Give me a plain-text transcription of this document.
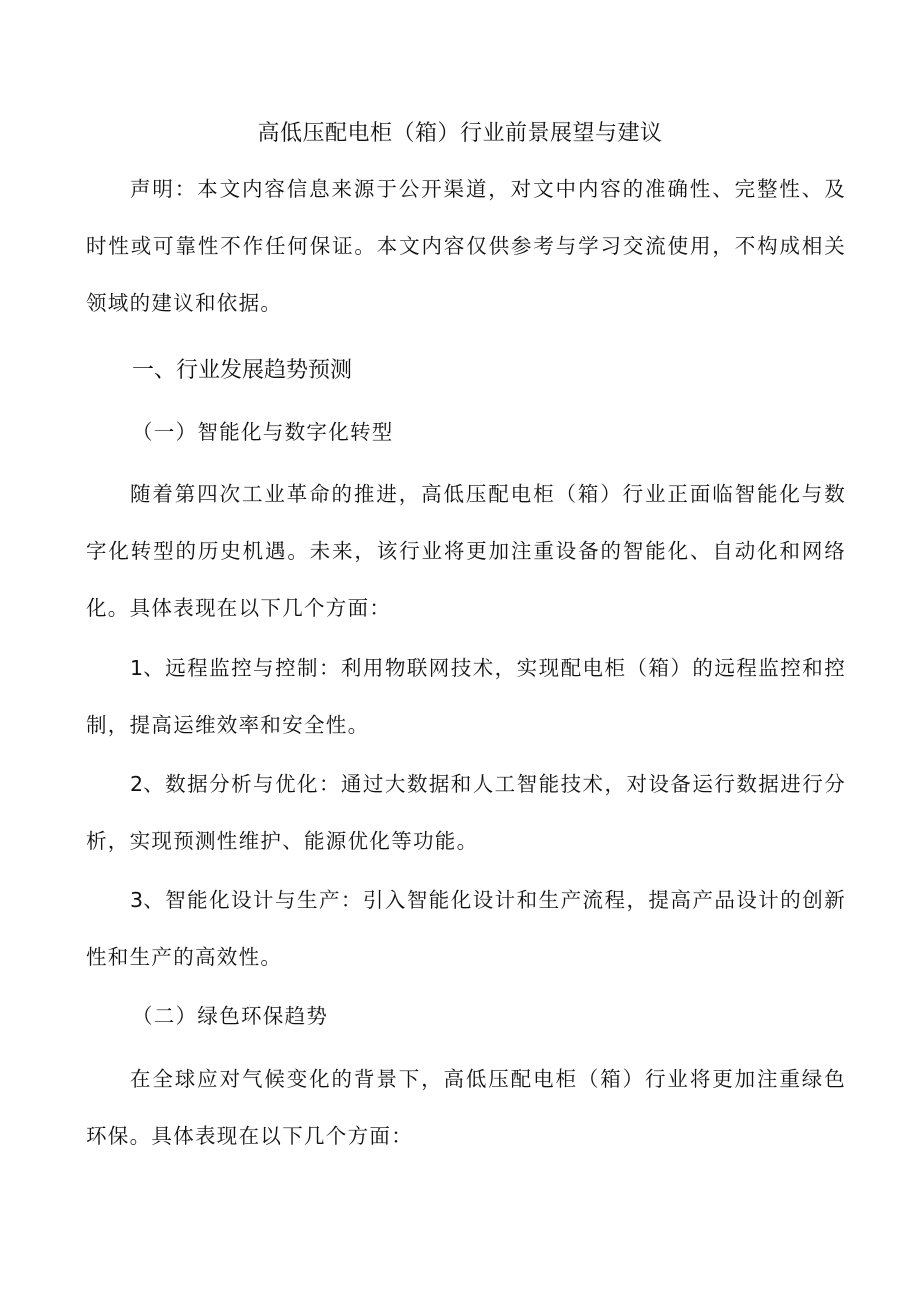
高低压配电柜（箱）行业前景展望与建议

声明：本文内容信息来源于公开渠道，对文中内容的准确性、完整性、及时性或可靠性不作任何保证。本文内容仅供参考与学习交流使用，不构成相关领域的建议和依据。

一、行业发展趋势预测
（一）智能化与数字化转型

随着第四次工业革命的推进，高低压配电柜（箱）行业正面临智能化与数字化转型的历史机遇。未来，该行业将更加注重设备的智能化、自动化和网络化。具体表现在以下几个方面：

1、远程监控与控制：利用物联网技术，实现配电柜（箱）的远程监控和控制，提高运维效率和安全性。

2、数据分析与优化：通过大数据和人工智能技术，对设备运行数据进行分析，实现预测性维护、能源优化等功能。

3、智能化设计与生产：引入智能化设计和生产流程，提高产品设计的创新性和生产的高效性。

（二）绿色环保趋势

在全球应对气候变化的背景下，高低压配电柜（箱）行业将更加注重绿色环保。具体表现在以下几个方面：
